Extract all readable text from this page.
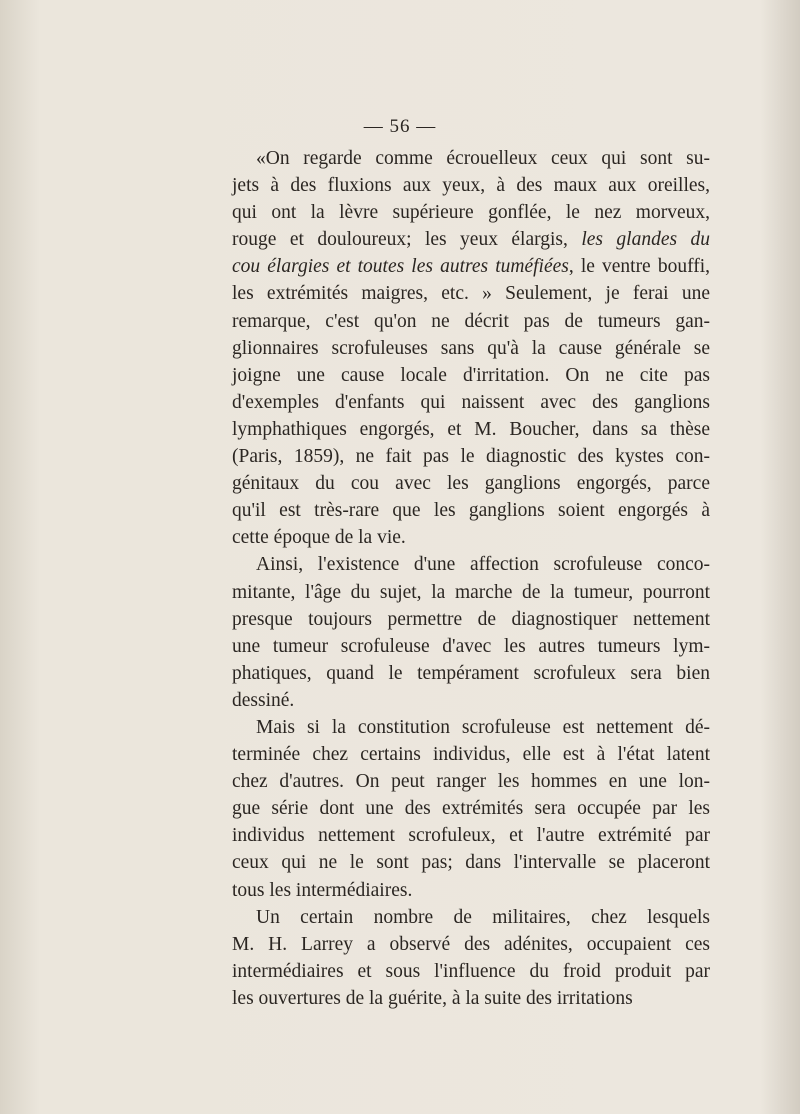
— 56 —
«On regarde comme écrouelleux ceux qui sont su-
jets à des fluxions aux yeux, à des maux aux oreilles,
qui ont la lèvre supérieure gonflée, le nez morveux,
rouge et douloureux; les yeux élargis, les glandes du
cou élargies et toutes les autres tuméfiées, le ventre bouffi,
les extrémités maigres, etc. » Seulement, je ferai une
remarque, c'est qu'on ne décrit pas de tumeurs gan-
glionnaires scrofuleuses sans qu'à la cause générale se
joigne une cause locale d'irritation. On ne cite pas
d'exemples d'enfants qui naissent avec des ganglions
lymphathiques engorgés, et M. Boucher, dans sa thèse
(Paris, 1859), ne fait pas le diagnostic des kystes con-
génitaux du cou avec les ganglions engorgés, parce
qu'il est très-rare que les ganglions soient engorgés à
cette époque de la vie.
Ainsi, l'existence d'une affection scrofuleuse conco-
mitante, l'âge du sujet, la marche de la tumeur, pourront
presque toujours permettre de diagnostiquer nettement
une tumeur scrofuleuse d'avec les autres tumeurs lym-
phatiques, quand le tempérament scrofuleux sera bien
dessiné.
Mais si la constitution scrofuleuse est nettement dé-
terminée chez certains individus, elle est à l'état latent
chez d'autres. On peut ranger les hommes en une lon-
gue série dont une des extrémités sera occupée par les
individus nettement scrofuleux, et l'autre extrémité par
ceux qui ne le sont pas; dans l'intervalle se placeront
tous les intermédiaires.
Un certain nombre de militaires, chez lesquels
M. H. Larrey a observé des adénites, occupaient ces
intermédiaires et sous l'influence du froid produit par
les ouvertures de la guérite, à la suite des irritations
